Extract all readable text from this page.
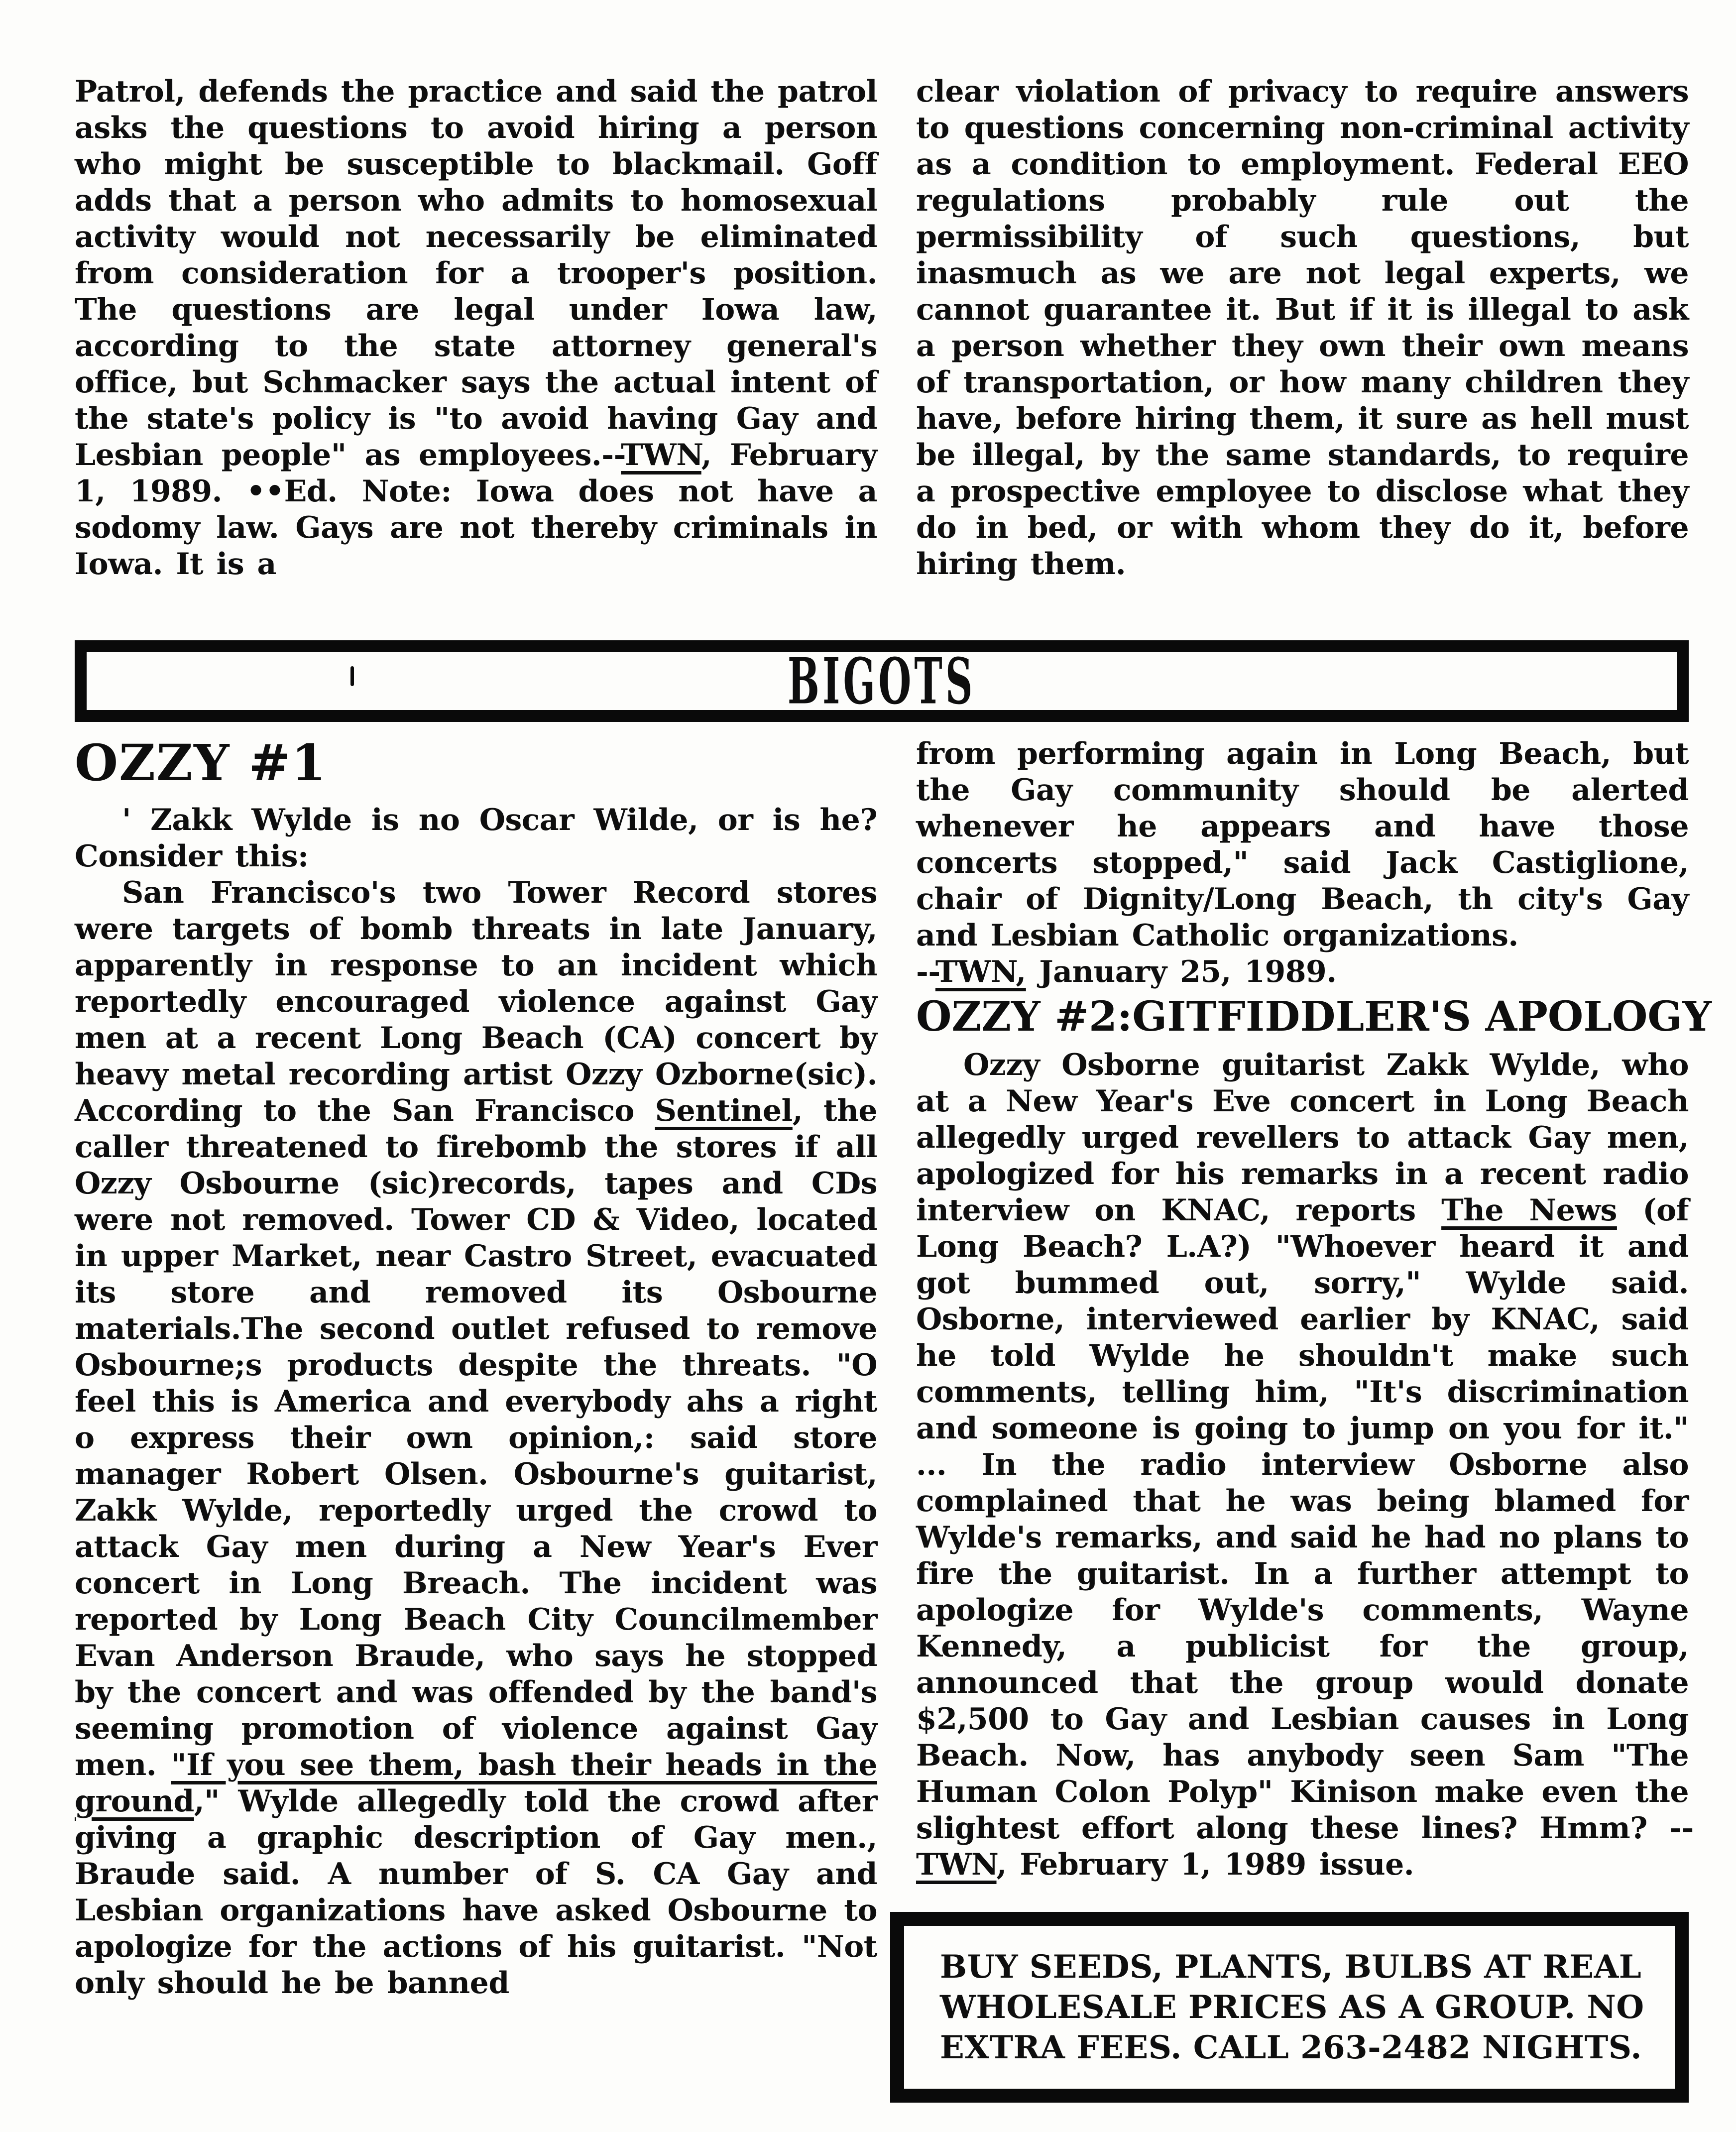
Patrol, defends the practice and said the patrol asks the questions to avoid hiring a person who might be susceptible to blackmail. Goff adds that a person who admits to homosexual activity would not necessarily be eliminated from consideration for a trooper's position. The questions are legal under Iowa law, according to the state attorney general's office, but Schmacker says the actual intent of the state's policy is "to avoid having Gay and Lesbian people" as employees.--TWN, February 1, 1989. ••Ed. Note: Iowa does not have a sodomy law. Gays are not thereby criminals in Iowa. It is a

clear violation of privacy to require answers to questions concerning non-criminal activity as a condition to employment. Federal EEO regulations probably rule out the permissibility of such questions, but inasmuch as we are not legal experts, we cannot guarantee it. But if it is illegal to ask a person whether they own their own means of transportation, or how many children they have, before hiring them, it sure as hell must be illegal, by the same standards, to require a prospective employee to disclose what they do in bed, or with whom they do it, before hiring them.

BIGOTS
OZZY #1

' Zakk Wylde is no Oscar Wilde, or is he? Consider this:

San Francisco's two Tower Record stores were targets of bomb threats in late January, apparently in response to an incident which reportedly encouraged violence against Gay men at a recent Long Beach (CA) concert by heavy metal recording artist Ozzy Ozborne(sic). According to the San Francisco Sentinel, the caller threatened to firebomb the stores if all Ozzy Osbourne (sic)records, tapes and CDs were not removed. Tower CD & Video, located in upper Market, near Castro Street, evacuated its store and removed its Osbourne materials.The second outlet refused to remove Osbourne;s products despite the threats. "O feel this is America and everybody ahs a right o express their own opinion,: said store manager Robert Olsen. Osbourne's guitarist, Zakk Wylde, reportedly urged the crowd to attack Gay men during a New Year's Ever concert in Long Breach. The incident was reported by Long Beach City Councilmember Evan Anderson Braude, who says he stopped by the concert and was offended by the band's seeming promotion of violence against Gay men. "If you see them, bash their heads in the ground," Wylde allegedly told the crowd after giving a graphic description of Gay men., Braude said. A number of S. CA Gay and Lesbian organizations have asked Osbourne to apologize for the actions of his guitarist. "Not only should he be banned

from performing again in Long Beach, but the Gay community should be alerted whenever he appears and have those concerts stopped," said Jack Castiglione, chair of Dignity/Long Beach, th city's Gay and Lesbian Catholic organizations.

--TWN, January 25, 1989.

OZZY #2:GITFIDDLER'S APOLOGY

Ozzy Osborne guitarist Zakk Wylde, who at a New Year's Eve concert in Long Beach allegedly urged revellers to attack Gay men, apologized for his remarks in a recent radio interview on KNAC, reports The News (of Long Beach? L.A?) "Whoever heard it and got bummed out, sorry," Wylde said. Osborne, interviewed earlier by KNAC, said he told Wylde he shouldn't make such comments, telling him, "It's discrimination and someone is going to jump on you for it." ... In the radio interview Osborne also complained that he was being blamed for Wylde's remarks, and said he had no plans to fire the guitarist. In a further attempt to apologize for Wylde's comments, Wayne Kennedy, a publicist for the group, announced that the group would donate $2,500 to Gay and Lesbian causes in Long Beach. Now, has anybody seen Sam "The Human Colon Polyp" Kinison make even the slightest effort along these lines? Hmm? --TWN, February 1, 1989 issue.

BUY SEEDS, PLANTS, BULBS AT REAL
WHOLESALE PRICES AS A GROUP. NO
EXTRA FEES. CALL 263-2482 NIGHTS.
